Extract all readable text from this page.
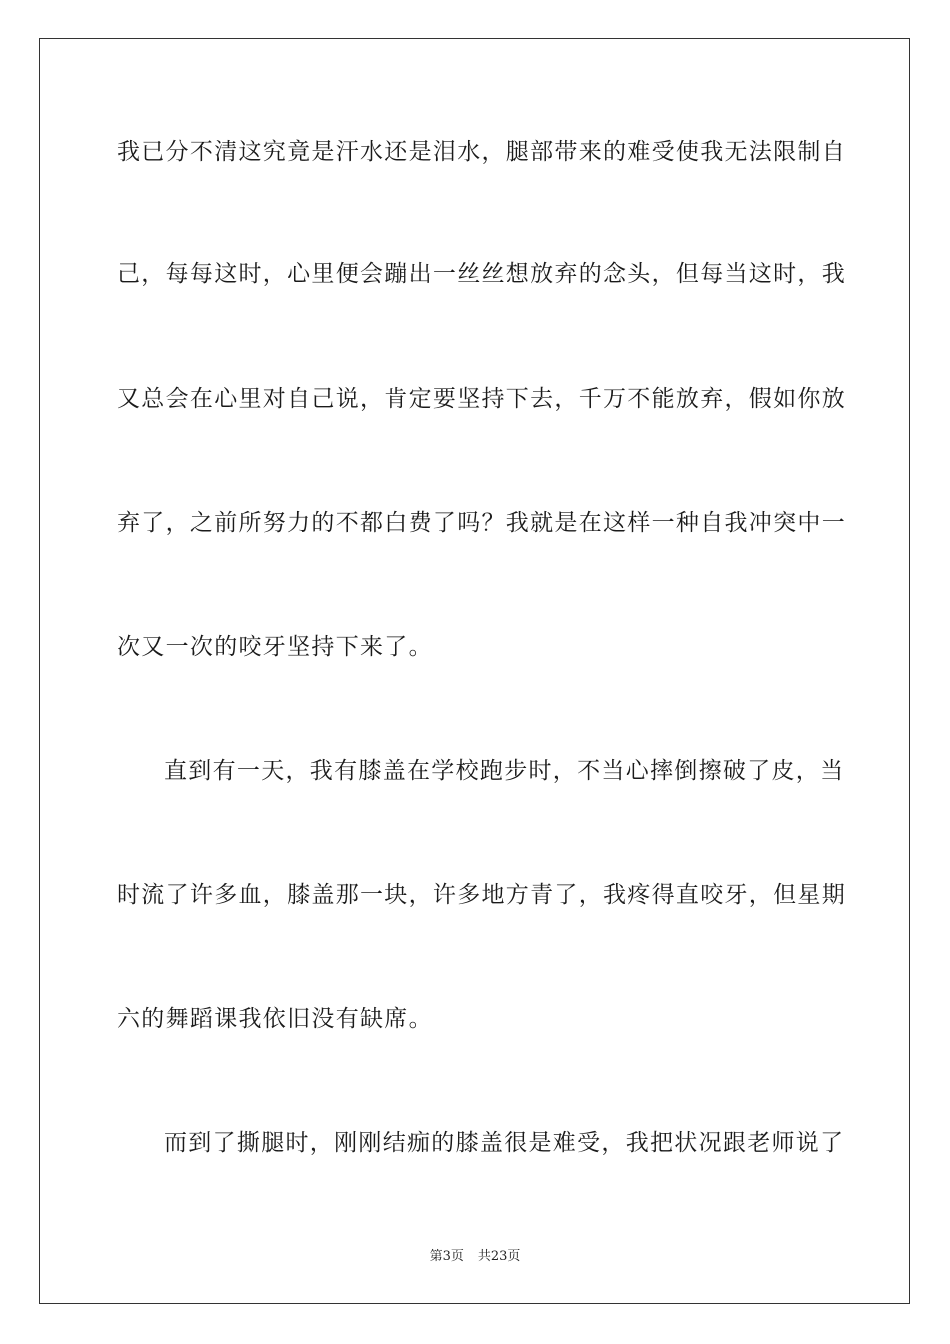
我已分不清这究竟是汗水还是泪水，腿部带来的难受使我无法限制自
己，每每这时，心里便会蹦出一丝丝想放弃的念头，但每当这时，我
又总会在心里对自己说，肯定要坚持下去，千万不能放弃，假如你放
弃了，之前所努力的不都白费了吗？我就是在这样一种自我冲突中一
次又一次的咬牙坚持下来了。
直到有一天，我有膝盖在学校跑步时，不当心摔倒擦破了皮，当
时流了许多血，膝盖那一块，许多地方青了，我疼得直咬牙，但星期
六的舞蹈课我依旧没有缺席。
而到了撕腿时，刚刚结痂的膝盖很是难受，我把状况跟老师说了
第3页 共23页
